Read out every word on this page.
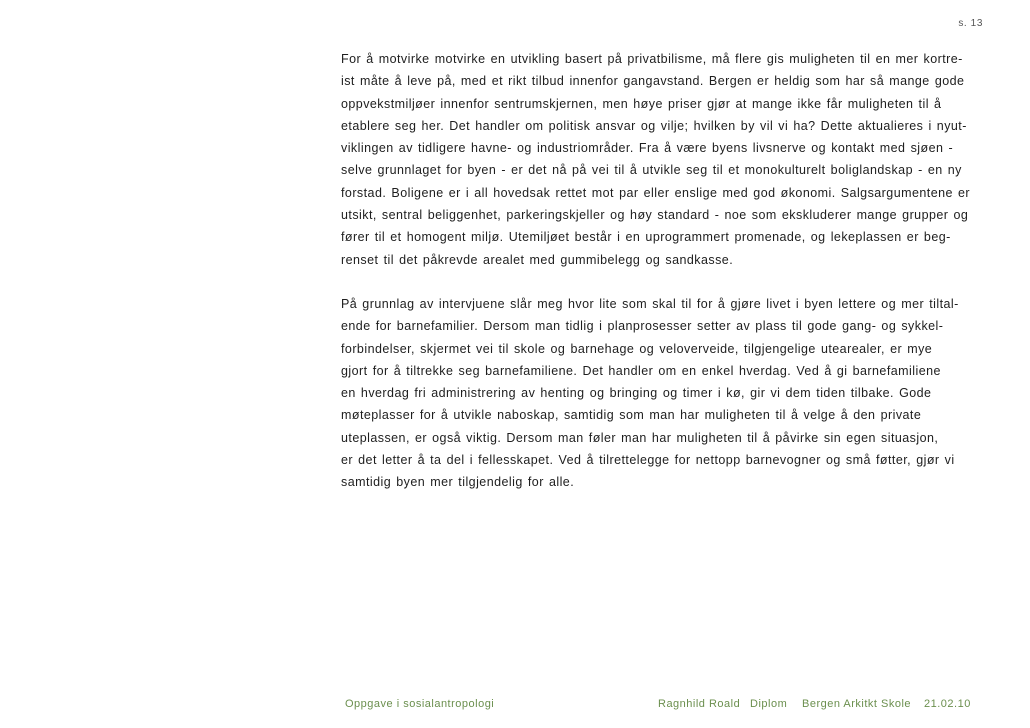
s. 13

For å motvirke motvirke en utvikling basert på privatbilisme, må flere gis muligheten til en mer kortre-
ist måte å leve på, med et rikt tilbud innenfor gangavstand. Bergen er heldig som har så mange gode
oppvekstmiljøer innenfor sentrumskjernen, men høye priser gjør at mange ikke får muligheten til å
etablere seg her. Det handler om politisk ansvar og vilje; hvilken by vil vi ha? Dette aktualieres i nyut-
viklingen av tidligere havne- og industriområder. Fra å være byens livsnerve og kontakt med sjøen -
selve grunnlaget for byen - er det nå på vei til å utvikle seg til et monokulturelt boliglandskap - en ny
forstad. Boligene er i all hovedsak rettet mot par eller enslige med god økonomi. Salgsargumentene er
utsikt, sentral beliggenhet, parkeringskjeller og høy standard - noe som ekskluderer mange grupper og
fører til et homogent miljø. Utemiljøet består i en uprogrammert promenade, og lekeplassen er beg-
renset til det påkrevde arealet med gummibelegg og sandkasse.

På grunnlag av intervjuene slår meg hvor lite som skal til for å gjøre livet i byen lettere og mer tiltal-
ende for barnefamilier. Dersom man tidlig i planprosesser setter av plass til gode gang- og sykkel-
forbindelser, skjermet vei til skole og barnehage og veloverveide, tilgjengelige utearealer, er mye
gjort for å tiltrekke seg barnefamiliene. Det handler om en enkel hverdag. Ved å gi barnefamiliene
en hverdag fri administrering av henting og bringing og timer i kø, gir vi dem tiden tilbake. Gode
møteplasser for å utvikle naboskap, samtidig som man har muligheten til å velge å den private
uteplassen, er også viktig. Dersom man føler man har muligheten til å påvirke sin egen situasjon,
er det letter å ta del i fellesskapet. Ved å tilrettelegge for nettopp barnevogner og små føtter, gjør vi
samtidig byen mer tilgjendelig for alle.

Oppgave i sosialantropologi	Ragnhild Roald Diplom Bergen Arkitkt Skole 21.02.10
